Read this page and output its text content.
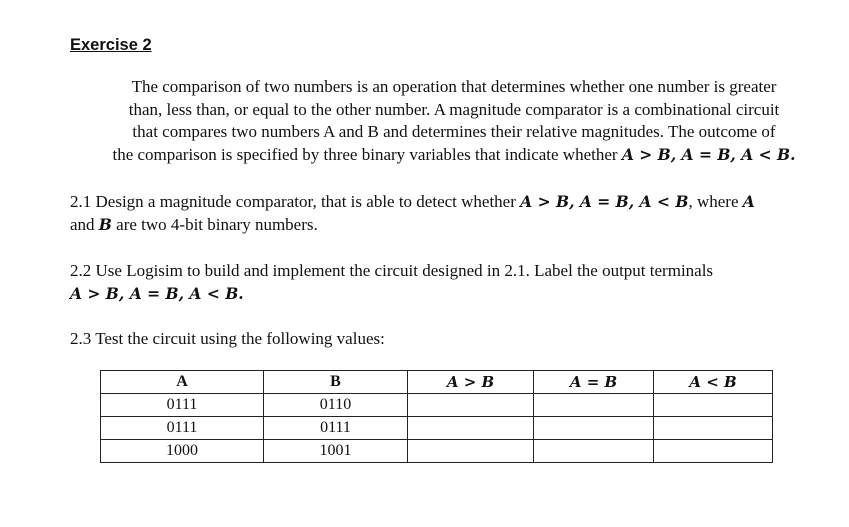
Exercise 2
The comparison of two numbers is an operation that determines whether one number is greater
than, less than, or equal to the other number. A magnitude comparator is a combinational circuit
that compares two numbers A and B and determines their relative magnitudes. The outcome of
the comparison is specified by three binary variables that indicate whether A > B, A = B, A < B.
2.1 Design a magnitude comparator, that is able to detect whether A > B, A = B, A < B, where A
and B are two 4-bit binary numbers.
2.2 Use Logisim to build and implement the circuit designed in 2.1. Label the output terminals
A > B, A = B, A < B.
2.3 Test the circuit using the following values:
A	B	A > B	A = B	A < B
0111	0110			
0111	0111			
1000	1001			
